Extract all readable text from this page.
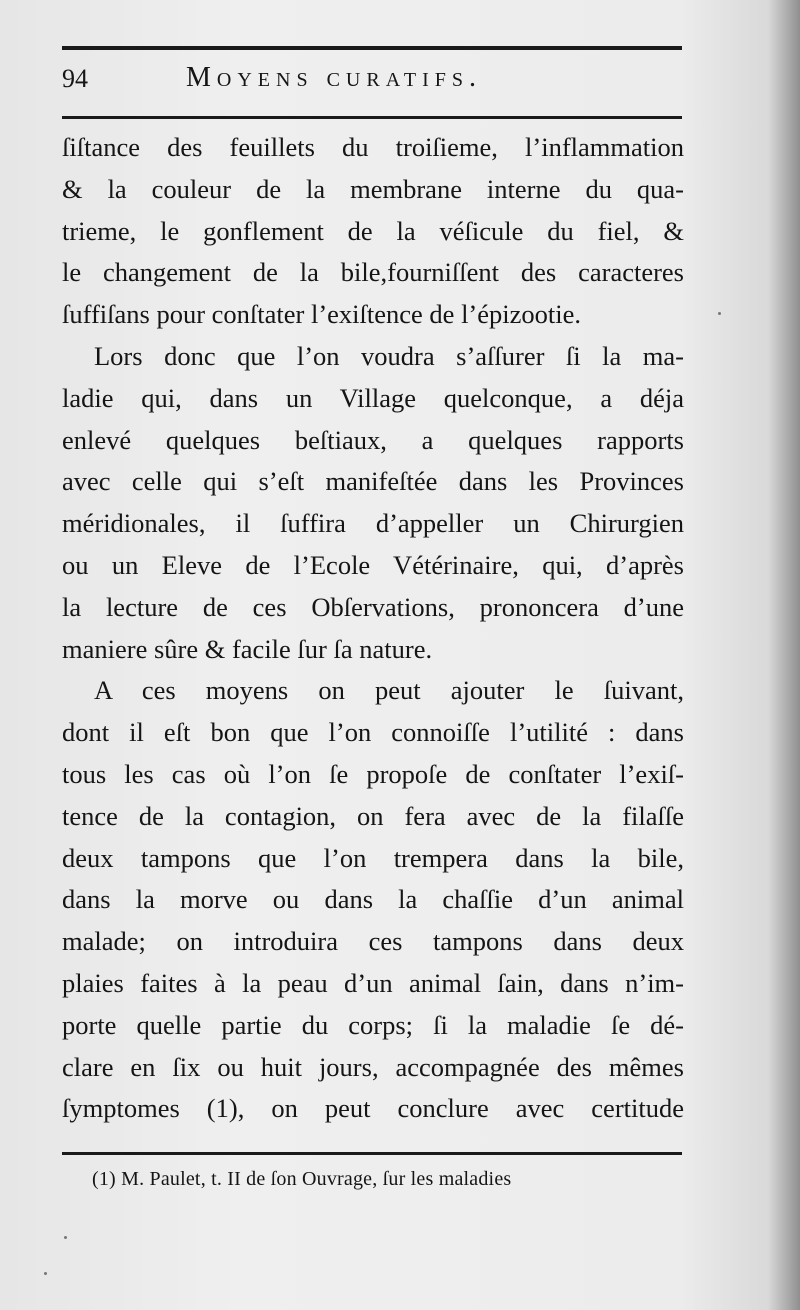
94	Moyens curatifs.
ſiſtance des feuillets du troiſieme, l’inflammation
& la couleur de la membrane interne du qua-
trieme, le gonflement de la véſicule du fiel, &
le changement de la bile,fourniſſent des caracteres
ſuffiſans pour conſtater l’exiſtence de l’épizootie.
Lors donc que l’on voudra s’aſſurer ſi la ma-
ladie qui, dans un Village quelconque, a déja
enlevé quelques beſtiaux, a quelques rapports
avec celle qui s’eſt manifeſtée dans les Provinces
méridionales, il ſuffira d’appeller un Chirurgien
ou un Eleve de l’Ecole Vétérinaire, qui, d’après
la lecture de ces Obſervations, prononcera d’une
maniere sûre & facile ſur ſa nature.
A ces moyens on peut ajouter le ſuivant,
dont il eſt bon que l’on connoiſſe l’utilité : dans
tous les cas où l’on ſe propoſe de conſtater l’exiſ-
tence de la contagion, on fera avec de la filaſſe
deux tampons que l’on trempera dans la bile,
dans la morve ou dans la chaſſie d’un animal
malade; on introduira ces tampons dans deux
plaies faites à la peau d’un animal ſain, dans n’im-
porte quelle partie du corps; ſi la maladie ſe dé-
clare en ſix ou huit jours, accompagnée des mêmes
ſymptomes (1), on peut conclure avec certitude
(1) M. Paulet, t. II de ſon Ouvrage, ſur les maladies
